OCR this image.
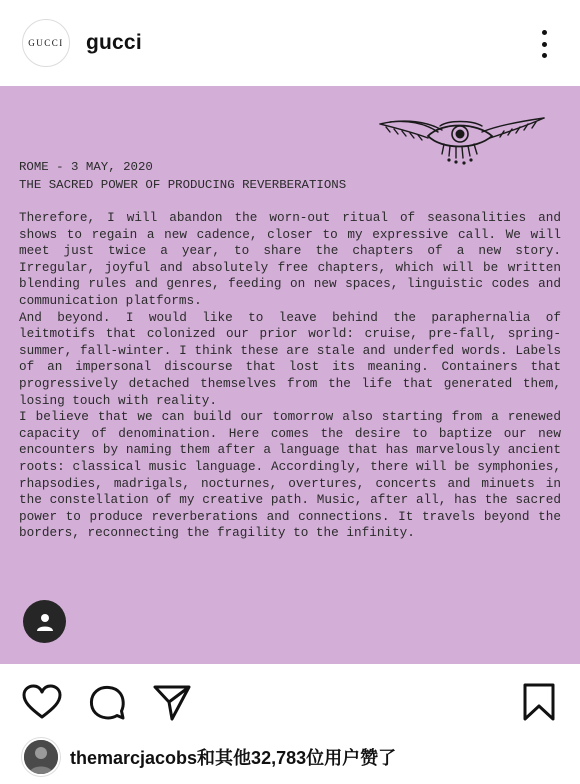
GUCCI gucci
ROME - 3 MAY, 2020
THE SACRED POWER OF PRODUCING REVERBERATIONS

Therefore, I will abandon the worn-out ritual of seasonalities and shows to regain a new cadence, closer to my expressive call. We will meet just twice a year, to share the chapters of a new story. Irregular, joyful and absolutely free chapters, which will be written blending rules and genres, feeding on new spaces, linguistic codes and communication platforms.

And beyond. I would like to leave behind the paraphernalia of leitmotifs that colonized our prior world: cruise, pre-fall, spring-summer, fall-winter. I think these are stale and underfed words. Labels of an impersonal discourse that lost its meaning. Containers that progressively detached themselves from the life that generated them, losing touch with reality.

I believe that we can build our tomorrow also starting from a renewed capacity of denomination. Here comes the desire to baptize our new encounters by naming them after a language that has marvelously ancient roots: classical music language. Accordingly, there will be symphonies, rhapsodies, madrigals, nocturnes, overtures, concerts and minuets in the constellation of my creative path. Music, after all, has the sacred power to produce reverberations and connections. It travels beyond the borders, reconnecting the fragility to the infinity.

themarcjacobs和其他32,783位用户赞了
